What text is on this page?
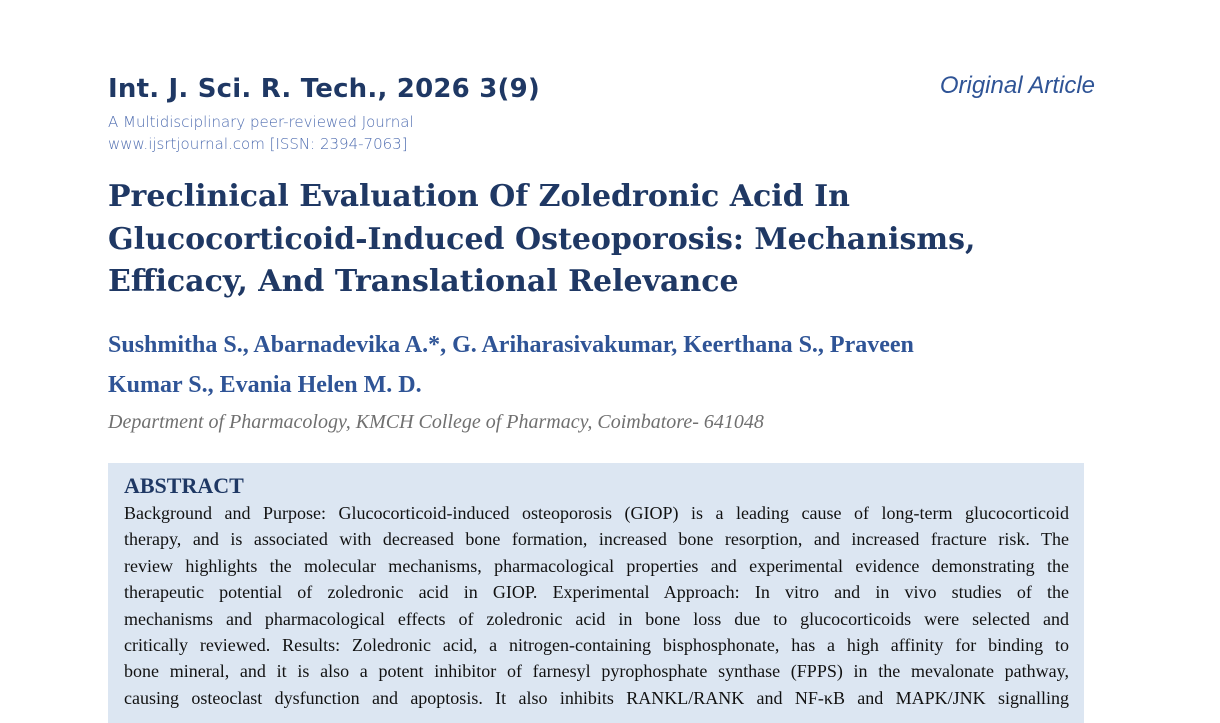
Int. J. Sci. R. Tech., 2026 3(9)	Original Article
A Multidisciplinary peer-reviewed Journal
www.ijsrtjournal.com [ISSN: 2394-7063]
Preclinical Evaluation Of Zoledronic Acid In
Glucocorticoid-Induced Osteoporosis: Mechanisms,
Efficacy, And Translational Relevance
Sushmitha S., Abarnadevika A.*, G. Ariharasivakumar, Keerthana S., Praveen
Kumar S., Evania Helen M. D.
Department of Pharmacology, KMCH College of Pharmacy, Coimbatore- 641048
ABSTRACT
Background and Purpose: Glucocorticoid-induced osteoporosis (GIOP) is a leading cause of long-term glucocorticoid
therapy, and is associated with decreased bone formation, increased bone resorption, and increased fracture risk. The
review highlights the molecular mechanisms, pharmacological properties and experimental evidence demonstrating the
therapeutic potential of zoledronic acid in GIOP. Experimental Approach: In vitro and in vivo studies of the
mechanisms and pharmacological effects of zoledronic acid in bone loss due to glucocorticoids were selected and
critically reviewed. Results: Zoledronic acid, a nitrogen-containing bisphosphonate, has a high affinity for binding to
bone mineral, and it is also a potent inhibitor of farnesyl pyrophosphate synthase (FPPS) in the mevalonate pathway,
causing osteoclast dysfunction and apoptosis. It also inhibits RANKL/RANK and NF-κB and MAPK/JNK signalling
